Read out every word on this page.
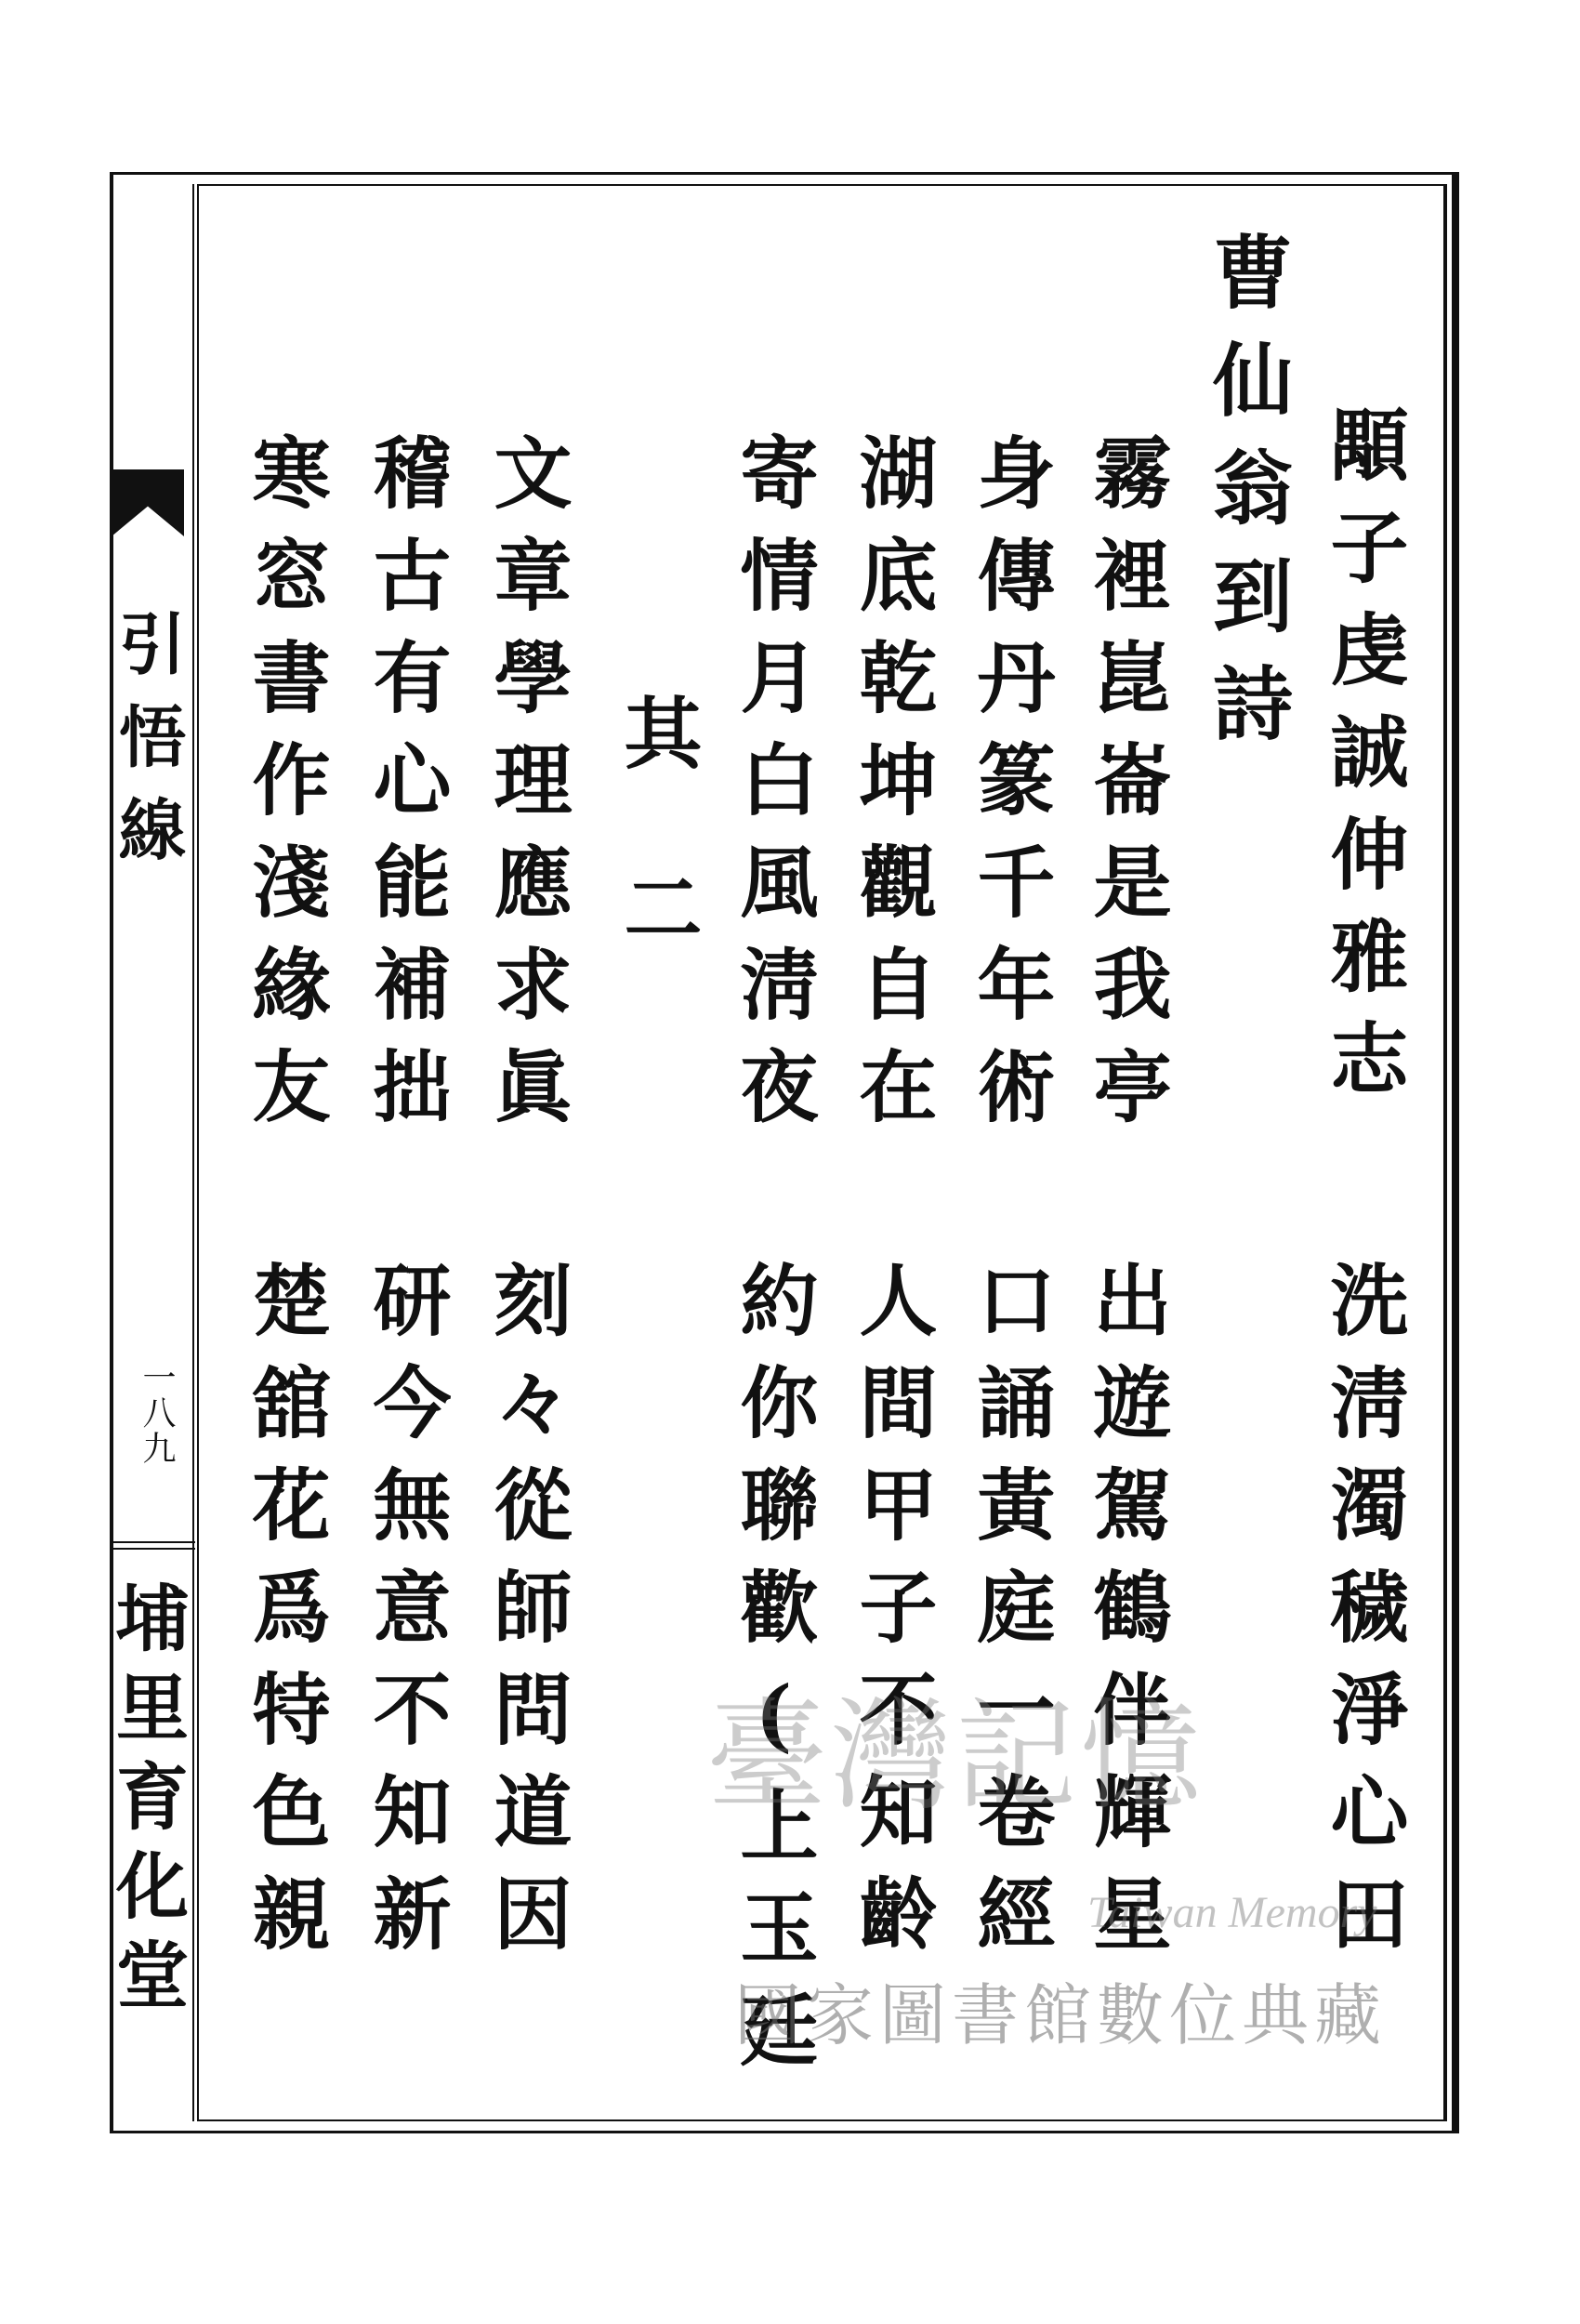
引悟線
一八九
埔里育化堂
曹仙翁到詩 顒子虔誠伸雅志
洗淸濁穢淨心田
霧裡崑崙是我亭
出遊駕鶴伴輝星
身傳丹篆千年術
口誦黃庭一卷經
湖底乾坤觀自在
人間甲子不知齡
寄情月白風淸夜
約你聯歡(上玉廷
其　二
文章學理應求眞
刻々從師問道因
稽古有心能補拙
研今無意不知新
寒窓書作淺緣友
楚舘花爲特色親	臺灣記憶
Taiwan Memory
國家圖書館數位典藏
